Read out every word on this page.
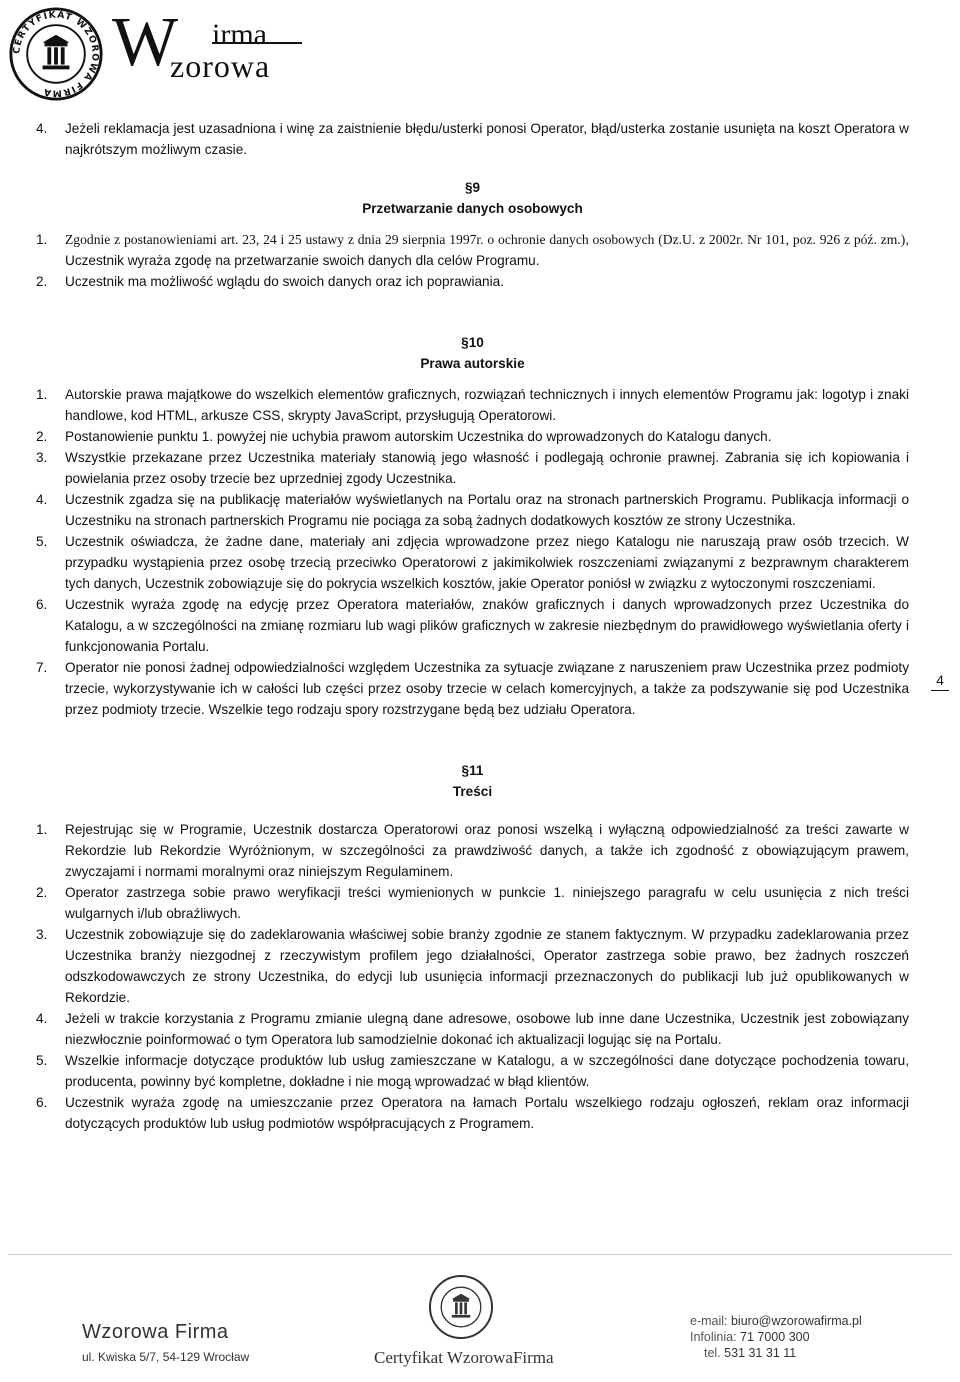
CERTYFIKAT WZOROWA FIRMA
W irma
zorowa
4.	Jeżeli reklamacja jest uzasadniona i winę za zaistnienie błędu/usterki ponosi Operator, błąd/usterka zostanie usunięta na koszt Operatora w najkrótszym możliwym czasie.
§9
Przetwarzanie danych osobowych
1.	Zgodnie z postanowieniami art. 23, 24 i 25 ustawy z dnia 29 sierpnia 1997r. o ochronie danych osobowych (Dz.U. z 2002r. Nr 101, poz. 926 z póź. zm.), Uczestnik wyraża zgodę na przetwarzanie swoich danych dla celów Programu.
2.	Uczestnik ma możliwość wglądu do swoich danych oraz ich poprawiania.
§10
Prawa autorskie
1.	Autorskie prawa majątkowe do wszelkich elementów graficznych, rozwiązań technicznych i innych elementów Programu jak: logotyp i znaki handlowe, kod HTML, arkusze CSS, skrypty JavaScript, przysługują Operatorowi.
2.	Postanowienie punktu 1. powyżej nie uchybia prawom autorskim Uczestnika do wprowadzonych do Katalogu danych.
3.	Wszystkie przekazane przez Uczestnika materiały stanowią jego własność i podlegają ochronie prawnej. Zabrania się ich kopiowania i powielania przez osoby trzecie bez uprzedniej zgody Uczestnika.
4.	Uczestnik zgadza się na publikację materiałów wyświetlanych na Portalu oraz na stronach partnerskich Programu. Publikacja informacji o Uczestniku na stronach partnerskich Programu nie pociąga za sobą żadnych dodatkowych kosztów ze strony Uczestnika.
5.	Uczestnik oświadcza, że żadne dane, materiały ani zdjęcia wprowadzone przez niego Katalogu nie naruszają praw osób trzecich. W przypadku wystąpienia przez osobę trzecią przeciwko Operatorowi z jakimikolwiek roszczeniami związanymi z bezprawnym charakterem tych danych, Uczestnik zobowiązuje się do pokrycia wszelkich kosztów, jakie Operator poniósł w związku z wytoczonymi roszczeniami.
6.	Uczestnik wyraża zgodę na edycję przez Operatora materiałów, znaków graficznych i danych wprowadzonych przez Uczestnika do Katalogu, a w szczególności na zmianę rozmiaru lub wagi plików graficznych w zakresie niezbędnym do prawidłowego wyświetlania oferty i funkcjonowania Portalu.
7.	Operator nie ponosi żadnej odpowiedzialności względem Uczestnika za sytuacje związane z naruszeniem praw Uczestnika przez podmioty trzecie, wykorzystywanie ich w całości lub części przez osoby trzecie w celach komercyjnych, a także za podszywanie się pod Uczestnika przez podmioty trzecie. Wszelkie tego rodzaju spory rozstrzygane będą bez udziału Operatora.
§11
Treści
1.	Rejestrując się w Programie, Uczestnik dostarcza Operatorowi oraz ponosi wszelką i wyłączną odpowiedzialność za treści zawarte w Rekordzie lub Rekordzie Wyróżnionym, w szczególności za prawdziwość danych, a także ich zgodność z obowiązującym prawem, zwyczajami i normami moralnymi oraz niniejszym Regulaminem.
2.	Operator zastrzega sobie prawo weryfikacji treści wymienionych w punkcie 1. niniejszego paragrafu w celu usunięcia z nich treści wulgarnych i/lub obraźliwych.
3.	Uczestnik zobowiązuje się do zadeklarowania właściwej sobie branży zgodnie ze stanem faktycznym. W przypadku zadeklarowania przez Uczestnika branży niezgodnej z rzeczywistym profilem jego działalności, Operator zastrzega sobie prawo, bez żadnych roszczeń odszkodowawczych ze strony Uczestnika, do edycji lub usunięcia informacji przeznaczonych do publikacji lub już opublikowanych w Rekordzie.
4.	Jeżeli w trakcie korzystania z Programu zmianie ulegną dane adresowe, osobowe lub inne dane Uczestnika, Uczestnik jest zobowiązany niezwłocznie poinformować o tym Operatora lub samodzielnie dokonać ich aktualizacji logując się na Portalu.
5.	Wszelkie informacje dotyczące produktów lub usług zamieszczane w Katalogu, a w szczególności dane dotyczące pochodzenia towaru, producenta, powinny być kompletne, dokładne i nie mogą wprowadzać w błąd klientów.
6.	Uczestnik wyraża zgodę na umieszczanie przez Operatora na łamach Portalu wszelkiego rodzaju ogłoszeń, reklam oraz informacji dotyczących produktów lub usług podmiotów współpracujących z Programem.
4
Wzorowa Firma
ul. Kwiska 5/7, 54-129 Wrocław	Certyfikat WzorowaFirma
e-mail: biuro@wzorowafirma.pl
Infolinia: 71 7000 300
tel. 531 31 31 11
